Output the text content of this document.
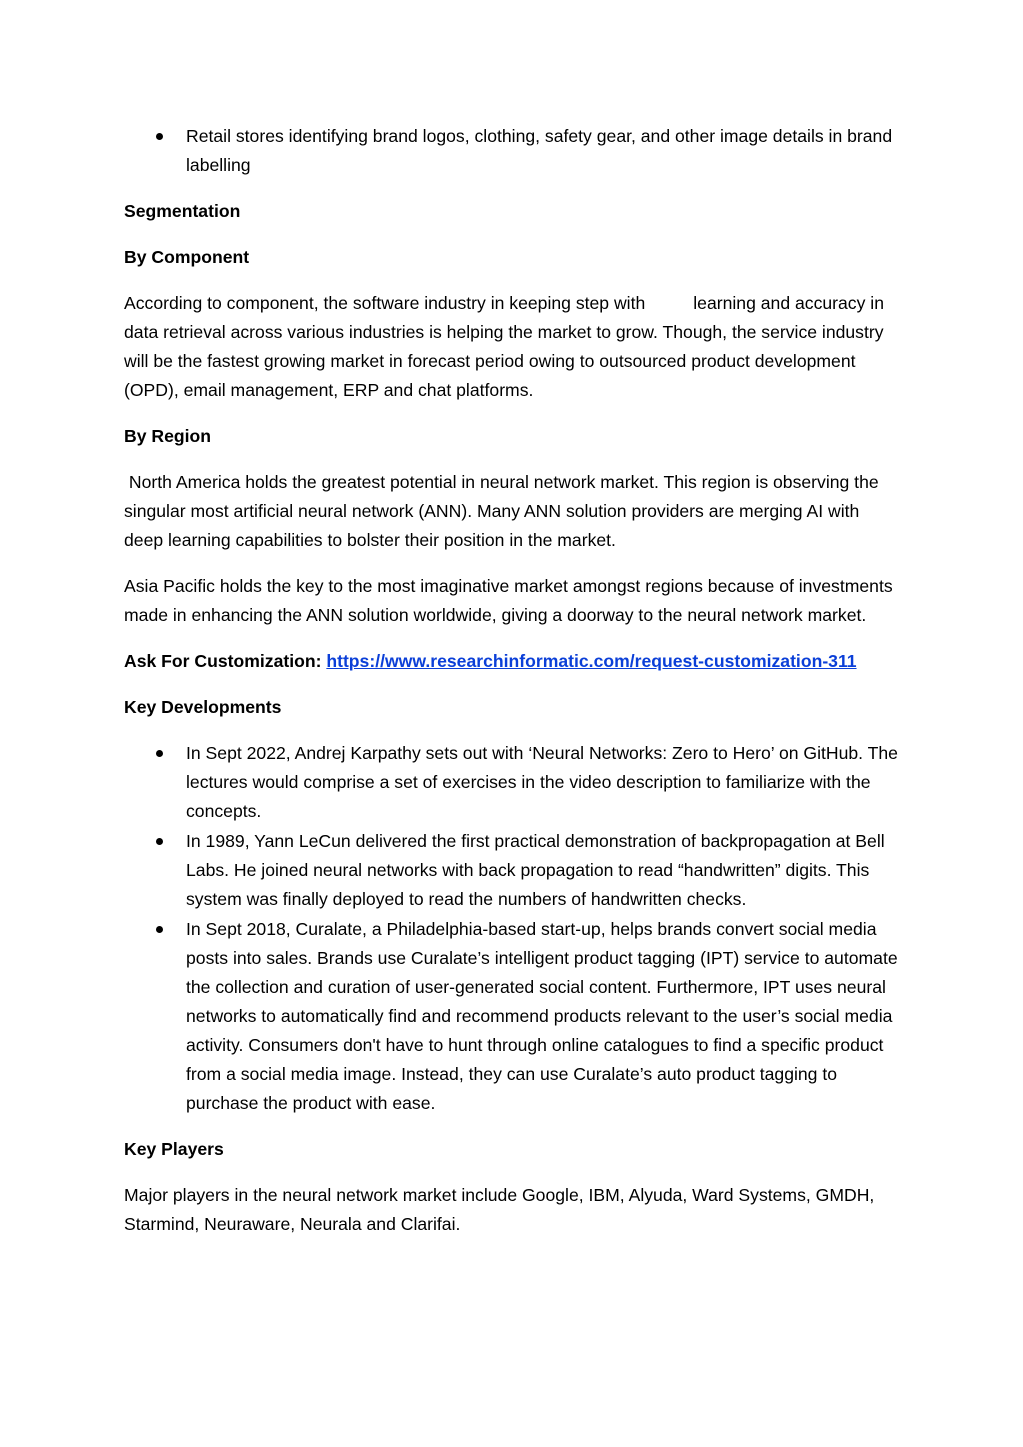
Retail stores identifying brand logos, clothing, safety gear, and other image details in brand labelling
Segmentation
By Component

According to component, the software industry in keeping step with	learning and accuracy in data retrieval across various industries is helping the market to grow. Though, the service industry will be the fastest growing market in forecast period owing to outsourced product development (OPD), email management, ERP and chat platforms.

By Region

North America holds the greatest potential in neural network market. This region is observing the singular most artificial neural network (ANN). Many ANN solution providers are merging AI with deep learning capabilities to bolster their position in the market.

Asia Pacific holds the key to the most imaginative market amongst regions because of investments made in enhancing the ANN solution worldwide, giving a doorway to the neural network market.

Ask For Customization: https://www.researchinformatic.com/request-customization-311

Key Developments
In Sept 2022, Andrej Karpathy sets out with ‘Neural Networks: Zero to Hero’ on GitHub. The lectures would comprise a set of exercises in the video description to familiarize with the concepts.
In 1989, Yann LeCun delivered the first practical demonstration of backpropagation at Bell Labs. He joined neural networks with back propagation to read “handwritten” digits. This system was finally deployed to read the numbers of handwritten checks.
In Sept 2018, Curalate, a Philadelphia-based start-up, helps brands convert social media posts into sales. Brands use Curalate’s intelligent product tagging (IPT) service to automate the collection and curation of user-generated social content. Furthermore, IPT uses neural networks to automatically find and recommend products relevant to the user’s social media activity. Consumers don't have to hunt through online catalogues to find a specific product from a social media image. Instead, they can use Curalate’s auto product tagging to purchase the product with ease.
Key Players

Major players in the neural network market include Google, IBM, Alyuda, Ward Systems, GMDH, Starmind, Neuraware, Neurala and Clarifai.
